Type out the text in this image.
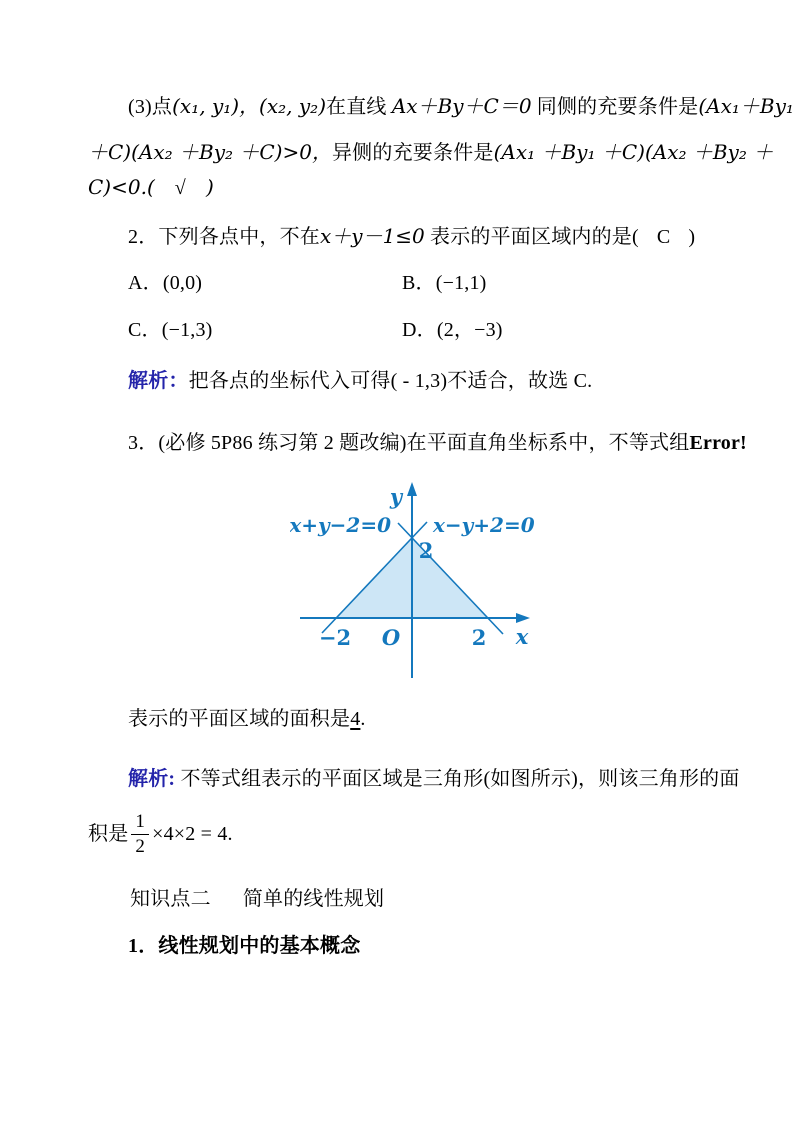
(3)点(x₁, y₁)，(x₂, y₂)在直线 Ax＋By＋C＝0 同侧的充要条件是(Ax₁＋By₁
＋C)(Ax₂ ＋By₂ ＋C)>0，异侧的充要条件是(Ax₁ ＋By₁ ＋C)(Ax₂ ＋By₂ ＋
C)<0.( √ )
2．下列各点中，不在x＋y－1≤0 表示的平面区域内的是( C )
A．(0,0)	B．(−1,1)
C．(−1,3)	D．(2，−3)
解析：把各点的坐标代入可得( - 1,3)不适合，故选 C.
3．(必修 5P86 练习第 2 题改编)在平面直角坐标系中，不等式组Error!
y
x
x+y−2=0 x−y+2=0
2
−2 O	2
表示的平面区域的面积是4.
解析: 不等式组表示的平面区域是三角形(如图所示)，则该三角形的面
积是 $\frac{1}{2} \times 4\times 2 = 4$.
知识点二 简单的线性规划
1．线性规划中的基本概念
